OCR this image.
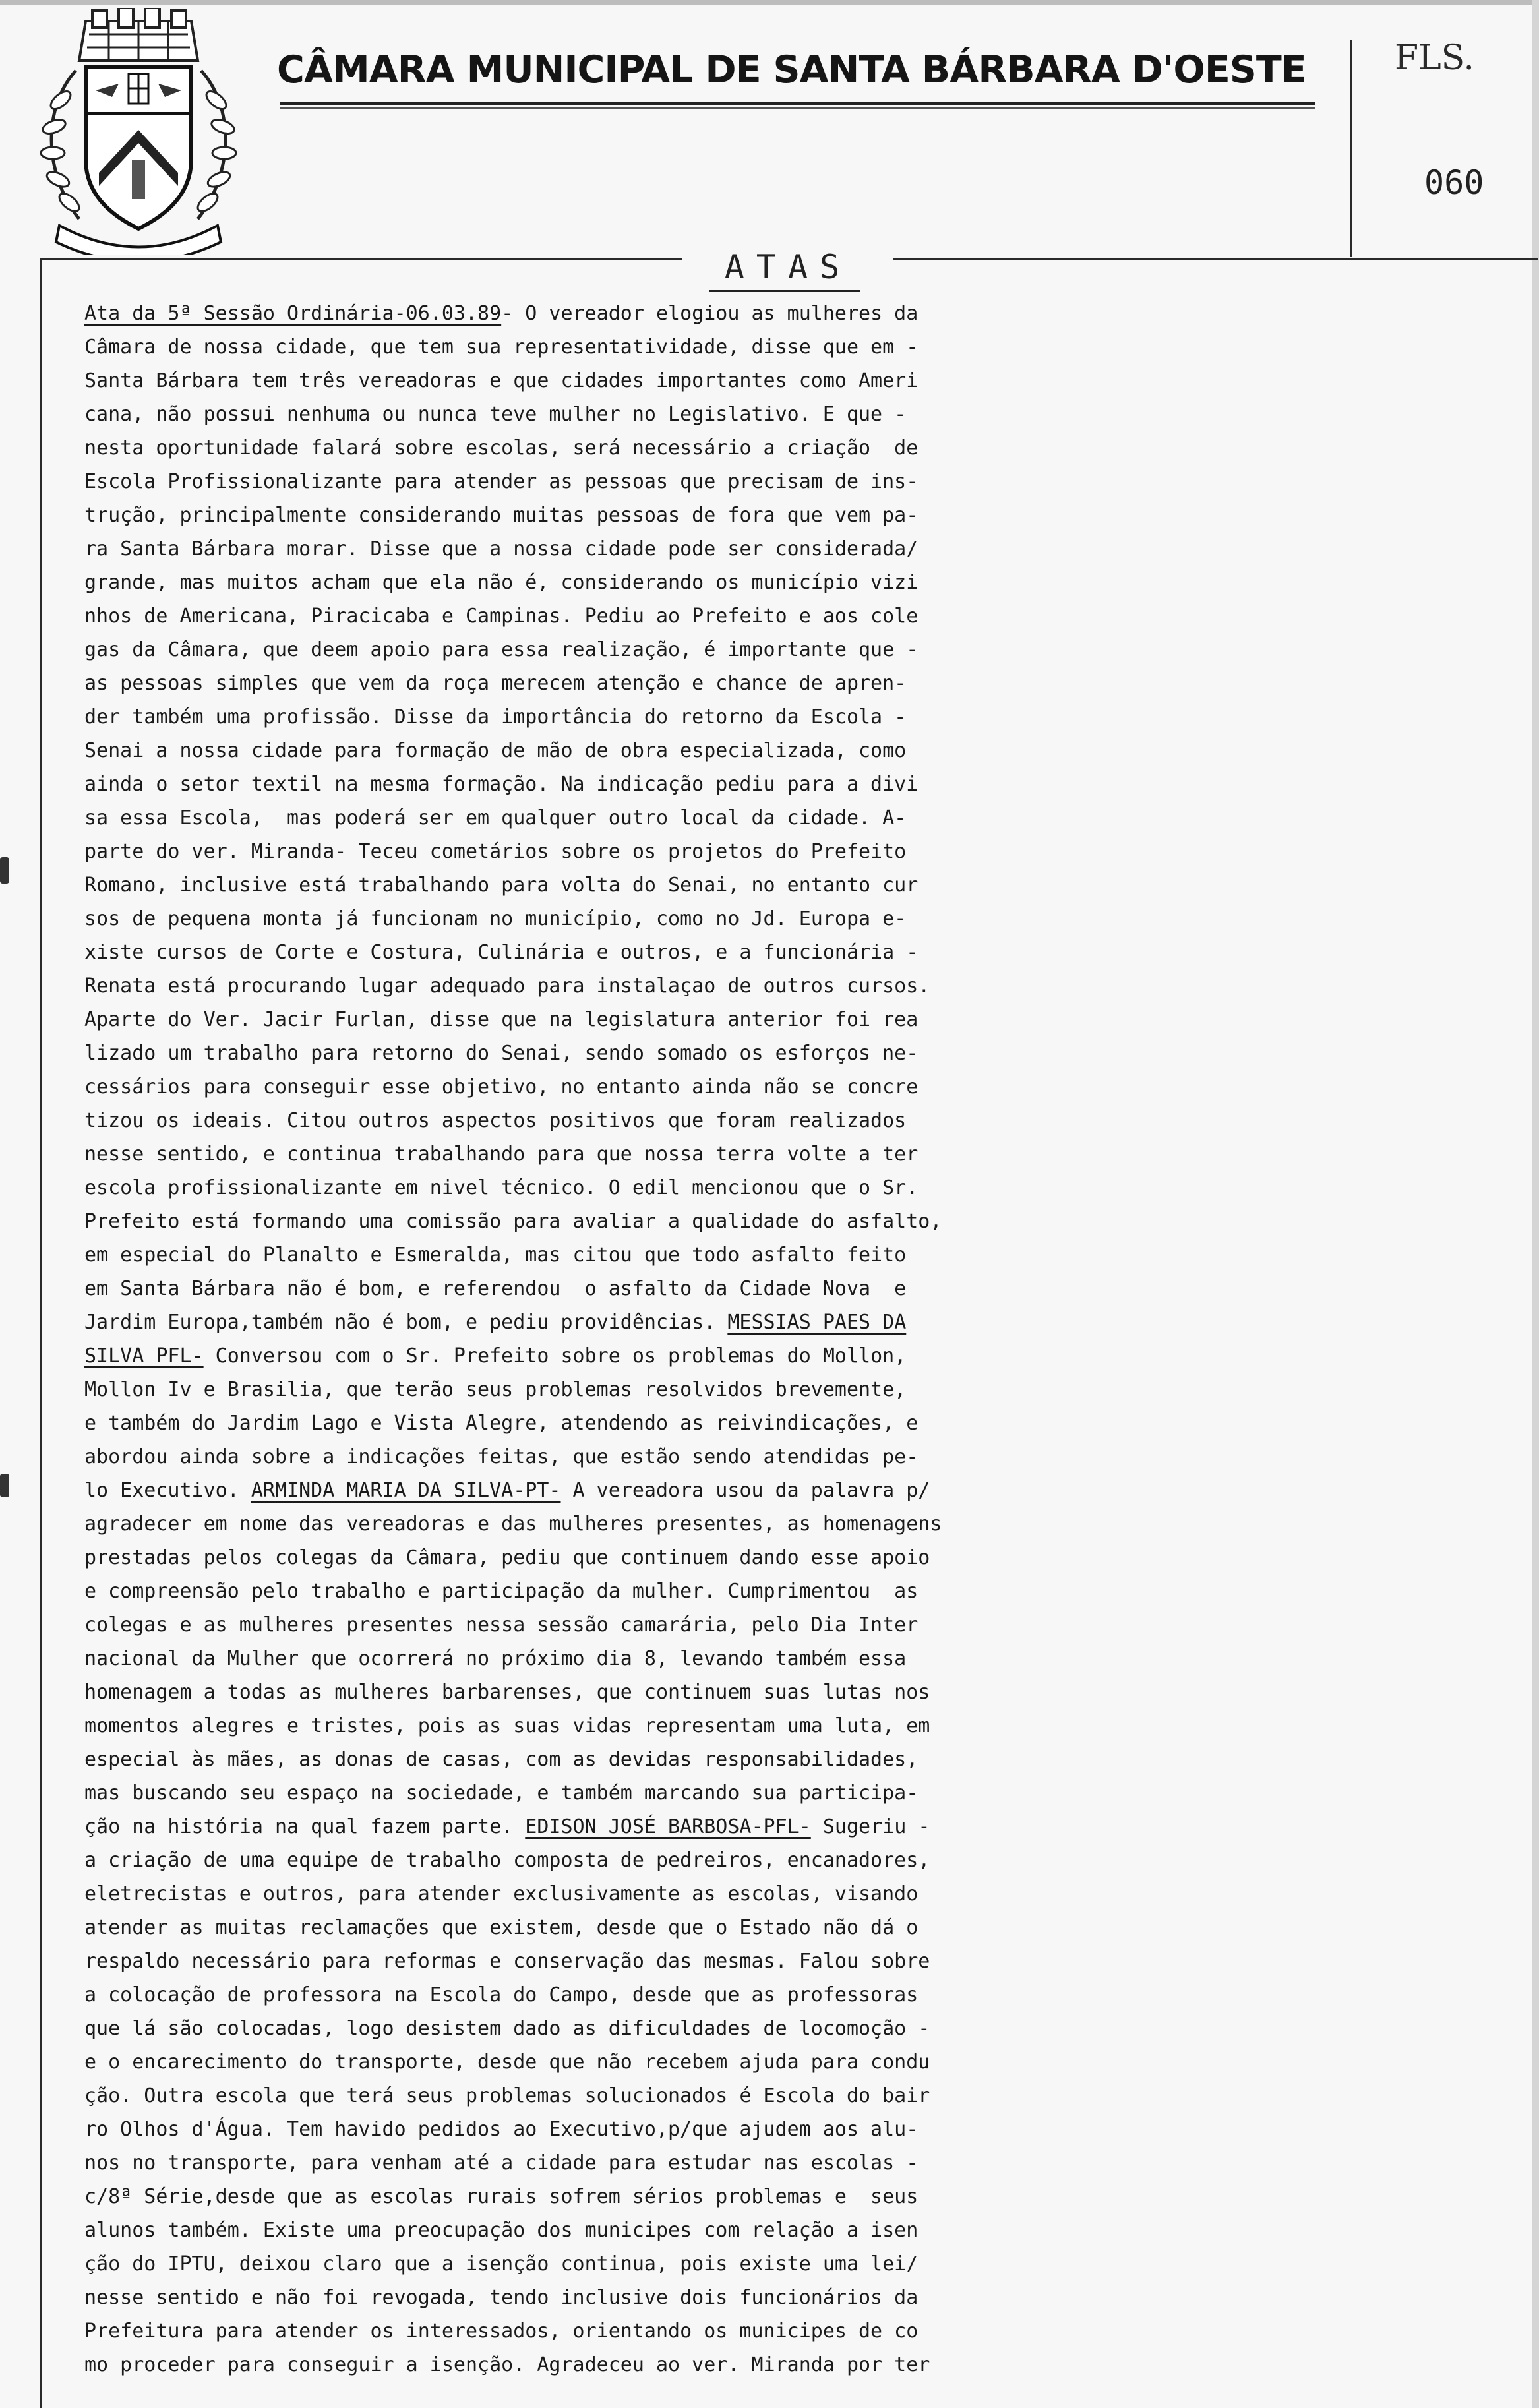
CÂMARA MUNICIPAL DE SANTA BÁRBARA D'OESTE	FLS.
060
ATAS
Ata da 5ª Sessão Ordinária-06.03.89- O vereador elogiou as mulheres da
Câmara de nossa cidade, que tem sua representatividade, disse que em -
Santa Bárbara tem três vereadoras e que cidades importantes como Ameri
cana, não possui nenhuma ou nunca teve mulher no Legislativo. E que -
nesta oportunidade falará sobre escolas, será necessário a criação  de
Escola Profissionalizante para atender as pessoas que precisam de ins-
trução, principalmente considerando muitas pessoas de fora que vem pa-
ra Santa Bárbara morar. Disse que a nossa cidade pode ser considerada/
grande, mas muitos acham que ela não é, considerando os município vizi
nhos de Americana, Piracicaba e Campinas. Pediu ao Prefeito e aos cole
gas da Câmara, que deem apoio para essa realização, é importante que -
as pessoas simples que vem da roça merecem atenção e chance de apren-
der também uma profissão. Disse da importância do retorno da Escola -
Senai a nossa cidade para formação de mão de obra especializada, como
ainda o setor textil na mesma formação. Na indicação pediu para a divi
sa essa Escola,  mas poderá ser em qualquer outro local da cidade. A-
parte do ver. Miranda- Teceu cometários sobre os projetos do Prefeito
Romano, inclusive está trabalhando para volta do Senai, no entanto cur
sos de pequena monta já funcionam no município, como no Jd. Europa e-
xiste cursos de Corte e Costura, Culinária e outros, e a funcionária -
Renata está procurando lugar adequado para instalaçao de outros cursos.
Aparte do Ver. Jacir Furlan, disse que na legislatura anterior foi rea
lizado um trabalho para retorno do Senai, sendo somado os esforços ne-
cessários para conseguir esse objetivo, no entanto ainda não se concre
tizou os ideais. Citou outros aspectos positivos que foram realizados
nesse sentido, e continua trabalhando para que nossa terra volte a ter
escola profissionalizante em nivel técnico. O edil mencionou que o Sr.
Prefeito está formando uma comissão para avaliar a qualidade do asfalto,
em especial do Planalto e Esmeralda, mas citou que todo asfalto feito
em Santa Bárbara não é bom, e referendou  o asfalto da Cidade Nova  e
Jardim Europa,também não é bom, e pediu providências. MESSIAS PAES DA
SILVA PFL- Conversou com o Sr. Prefeito sobre os problemas do Mollon,
Mollon Iv e Brasilia, que terão seus problemas resolvidos brevemente,
e também do Jardim Lago e Vista Alegre, atendendo as reivindicações, e
abordou ainda sobre a indicações feitas, que estão sendo atendidas pe-
lo Executivo. ARMINDA MARIA DA SILVA-PT- A vereadora usou da palavra p/
agradecer em nome das vereadoras e das mulheres presentes, as homenagens
prestadas pelos colegas da Câmara, pediu que continuem dando esse apoio
e compreensão pelo trabalho e participação da mulher. Cumprimentou  as
colegas e as mulheres presentes nessa sessão camarária, pelo Dia Inter
nacional da Mulher que ocorrerá no próximo dia 8, levando também essa
homenagem a todas as mulheres barbarenses, que continuem suas lutas nos
momentos alegres e tristes, pois as suas vidas representam uma luta, em
especial às mães, as donas de casas, com as devidas responsabilidades,
mas buscando seu espaço na sociedade, e também marcando sua participa-
ção na história na qual fazem parte. EDISON JOSÉ BARBOSA-PFL- Sugeriu -
a criação de uma equipe de trabalho composta de pedreiros, encanadores,
eletrecistas e outros, para atender exclusivamente as escolas, visando
atender as muitas reclamações que existem, desde que o Estado não dá o
respaldo necessário para reformas e conservação das mesmas. Falou sobre
a colocação de professora na Escola do Campo, desde que as professoras
que lá são colocadas, logo desistem dado as dificuldades de locomoção -
e o encarecimento do transporte, desde que não recebem ajuda para condu
ção. Outra escola que terá seus problemas solucionados é Escola do bair
ro Olhos d'Água. Tem havido pedidos ao Executivo,p/que ajudem aos alu-
nos no transporte, para venham até a cidade para estudar nas escolas -
c/8ª Série,desde que as escolas rurais sofrem sérios problemas e  seus
alunos também. Existe uma preocupação dos municipes com relação a isen
ção do IPTU, deixou claro que a isenção continua, pois existe uma lei/
nesse sentido e não foi revogada, tendo inclusive dois funcionários da
Prefeitura para atender os interessados, orientando os municipes de co
mo proceder para conseguir a isenção. Agradeceu ao ver. Miranda por ter
